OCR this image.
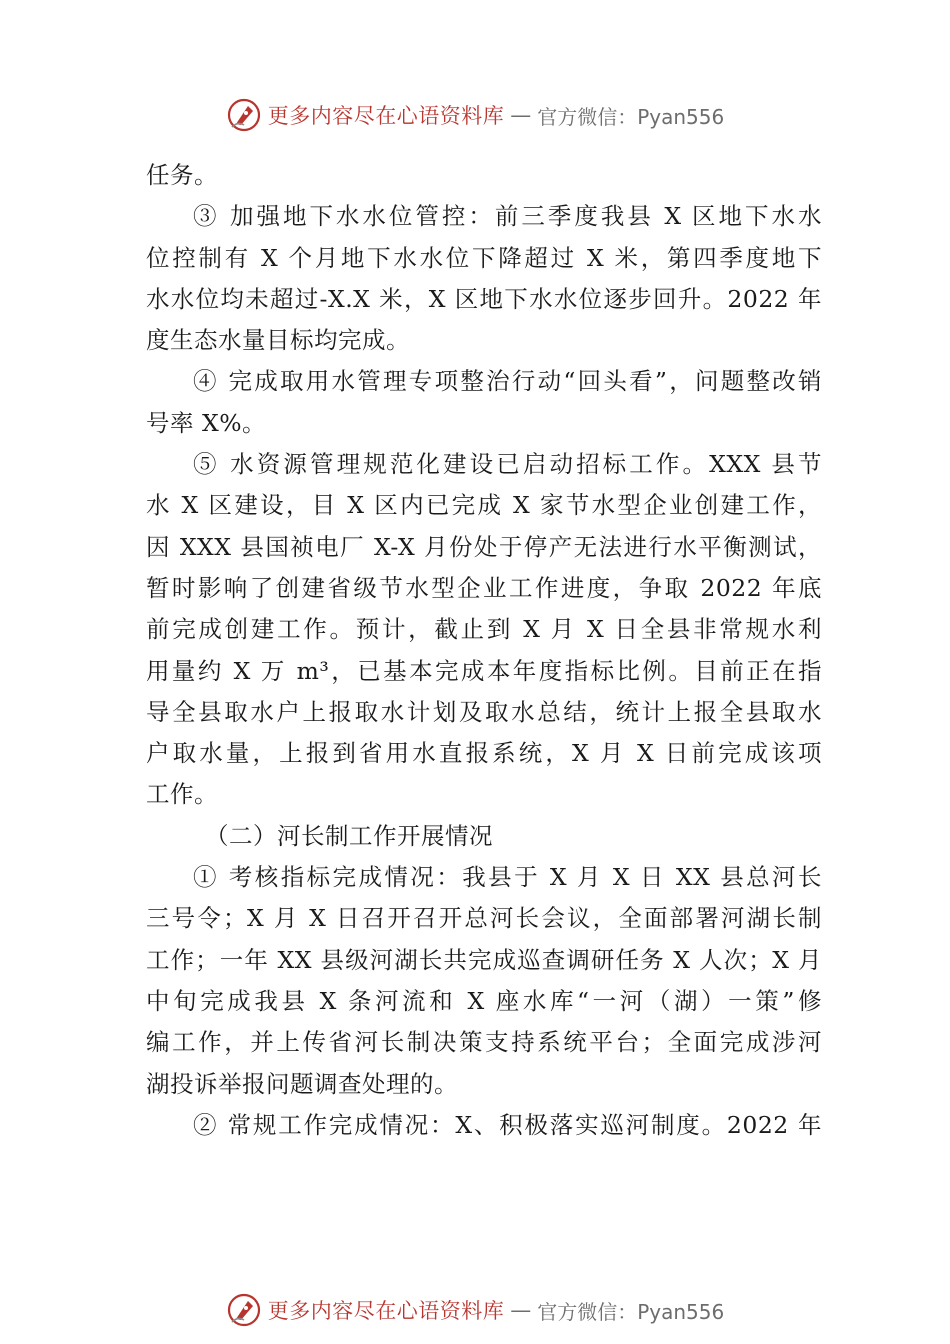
更多内容尽在心语资料库 — 官方微信：Pyan556
任务。
③ 加强地下水水位管控：前三季度我县 X 区地下水水
位控制有 X 个月地下水水位下降超过 X 米，第四季度地下
水水位均未超过-X.X 米，X 区地下水水位逐步回升。2022 年
度生态水量目标均完成。
④ 完成取用水管理专项整治行动“回头看”，问题整改销
号率 X%。
⑤ 水资源管理规范化建设已启动招标工作。XXX 县节
水 X 区建设，目 X 区内已完成 X 家节水型企业创建工作，
因 XXX 县国祯电厂 X-X 月份处于停产无法进行水平衡测试，
暂时影响了创建省级节水型企业工作进度，争取 2022 年底
前完成创建工作。预计，截止到 X 月 X 日全县非常规水利
用量约 X 万 m³，已基本完成本年度指标比例。目前正在指
导全县取水户上报取水计划及取水总结，统计上报全县取水
户取水量，上报到省用水直报系统，X 月 X 日前完成该项
工作。
（二）河长制工作开展情况
① 考核指标完成情况：我县于 X 月 X 日 XX 县总河长
三号令；X 月 X 日召开召开总河长会议，全面部署河湖长制
工作；一年 XX 县级河湖长共完成巡查调研任务 X 人次；X 月
中旬完成我县 X 条河流和 X 座水库“一河（湖）一策”修
编工作，并上传省河长制决策支持系统平台；全面完成涉河
湖投诉举报问题调查处理的。
② 常规工作完成情况：X、积极落实巡河制度。2022 年
更多内容尽在心语资料库 — 官方微信：Pyan556
